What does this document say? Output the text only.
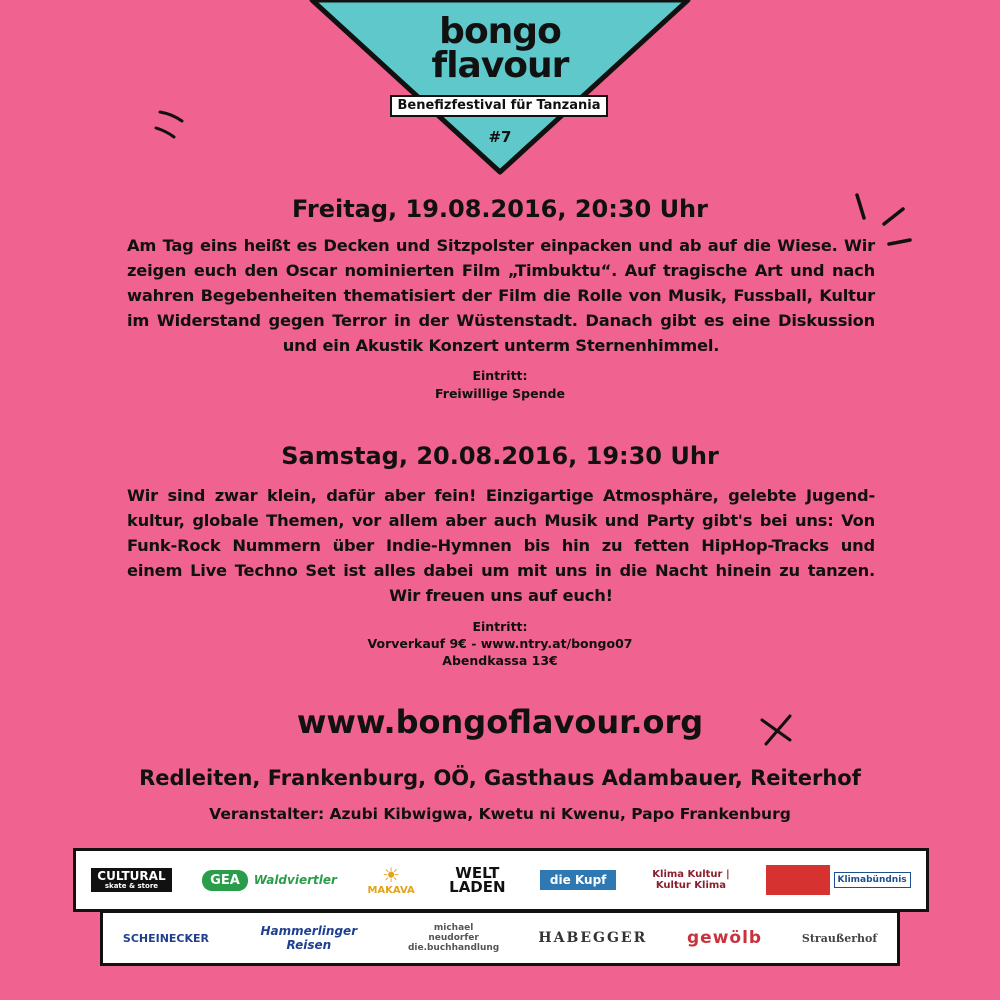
bongo
flavour
Benefizfestival für Tanzania
#7
Freitag, 19.08.2016, 20:30 Uhr
Am Tag eins heißt es Decken und Sitzpolster einpacken und ab auf die Wiese. Wir zeigen euch den Oscar nominierten Film „Timbuktu“. Auf tragische Art und nach wahren Begebenheiten thematisiert der Film die Rolle von Musik, Fussball, Kultur im Widerstand gegen Terror in der Wüstenstadt. Danach gibt es eine Diskussion und ein Akustik Konzert unterm Sternenhimmel.
Eintritt:
Freiwillige Spende
Samstag, 20.08.2016, 19:30 Uhr
Wir sind zwar klein, dafür aber fein! Einzigartige Atmosphäre, gelebte Jugend-kultur, globale Themen, vor allem aber auch Musik und Party gibt's bei uns: Von Funk-Rock Nummern über Indie-Hymnen bis hin zu fetten HipHop-Tracks und einem Live Techno Set ist alles dabei um mit uns in die Nacht hinein zu tanzen. Wir freuen uns auf euch!
Eintritt:
Vorverkauf 9€ - www.ntry.at/bongo07
Abendkassa 13€
www.bongoflavour.org
Redleiten, Frankenburg, OÖ, Gasthaus Adambauer, Reiterhof
Veranstalter: Azubi Kibwigwa, Kwetu ni Kwenu, Papo Frankenburg
CULTURAL
skate & store	GEA	Waldviertler ☀
MAKAVA
WELT LADEN	die Kupf	Klima Kultur | Kultur Klima	Klimabündnis
SCHEINECKER	Hammerlinger Reisen
michael neudorfer die.buchhandlung
HABEGGER gewölb	Straußerhof
